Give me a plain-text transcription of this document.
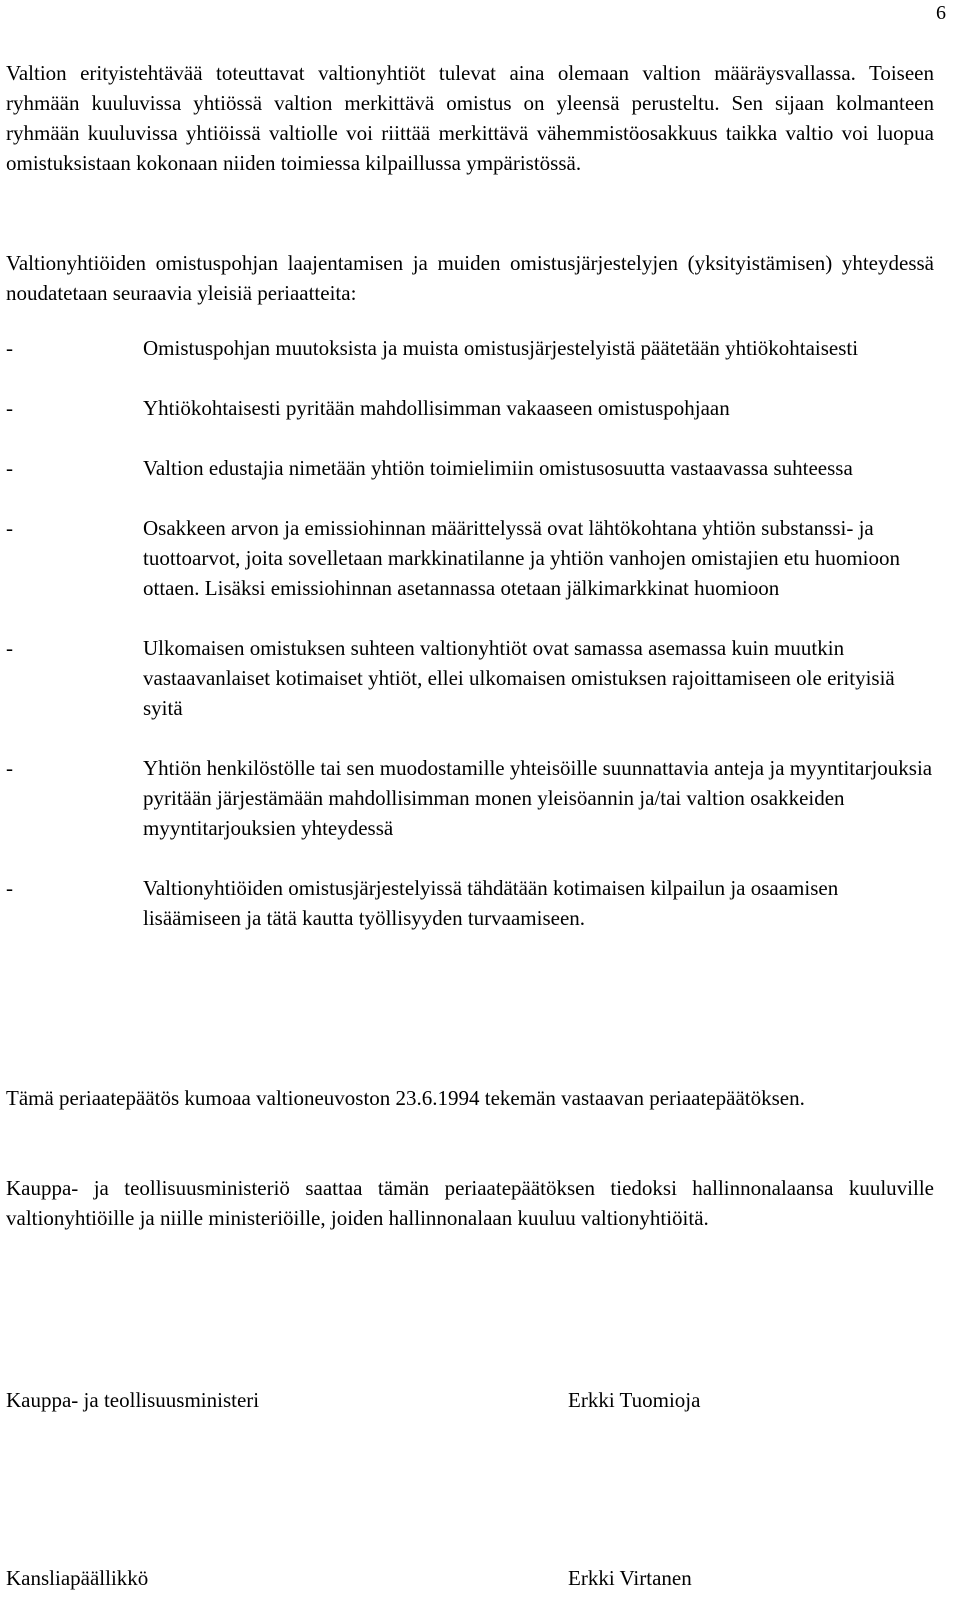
6

Valtion erityistehtävää toteuttavat valtionyhtiöt tulevat aina olemaan valtion määräysvallassa. Toiseen ryhmään kuuluvissa yhtiössä valtion merkittävä omistus on yleensä perusteltu. Sen sijaan kolmanteen ryhmään kuuluvissa yhtiöissä valtiolle voi riittää merkittävä vähemmistöosakkuus taikka valtio voi luopua omistuksistaan kokonaan niiden toimiessa kilpaillussa ympäristössä.

Valtionyhtiöiden omistuspohjan laajentamisen ja muiden omistusjärjestelyjen (yksityistämisen) yhteydessä noudatetaan seuraavia yleisiä periaatteita:

-	Omistuspohjan muutoksista ja muista omistusjärjestelyistä päätetään yhtiökohtaisesti
-	Yhtiökohtaisesti pyritään mahdollisimman vakaaseen omistuspohjaan
-	Valtion edustajia nimetään yhtiön toimielimiin omistusosuutta vastaavassa suhteessa
-	Osakkeen arvon ja emissiohinnan määrittelyssä ovat lähtökohtana yhtiön substanssi- ja tuottoarvot, joita sovelletaan markkinatilanne ja yhtiön vanhojen omistajien etu huomioon ottaen. Lisäksi emissiohinnan asetannassa otetaan jälkimarkkinat huomioon
-	Ulkomaisen omistuksen suhteen valtionyhtiöt ovat samassa asemassa kuin muutkin vastaavanlaiset kotimaiset yhtiöt, ellei ulkomaisen omistuksen rajoittamiseen ole erityisiä syitä
-	Yhtiön henkilöstölle tai sen muodostamille yhteisöille suunnattavia anteja ja myyntitarjouksia pyritään järjestämään mahdollisimman monen yleisöannin ja/tai valtion osakkeiden myyntitarjouksien yhteydessä
-	Valtionyhtiöiden omistusjärjestelyissä tähdätään kotimaisen kilpailun ja osaamisen lisäämiseen ja tätä kautta työllisyyden turvaamiseen.

Tämä periaatepäätös kumoaa valtioneuvoston 23.6.1994 tekemän vastaavan periaatepäätöksen.

Kauppa- ja teollisuusministeriö saattaa tämän periaatepäätöksen tiedoksi hallinnonalaansa kuuluville valtionyhtiöille ja niille ministeriöille, joiden hallinnonalaan kuuluu valtionyhtiöitä.

Kauppa- ja teollisuusministeri	Erkki Tuomioja
Kansliapäällikkö	Erkki Virtanen
